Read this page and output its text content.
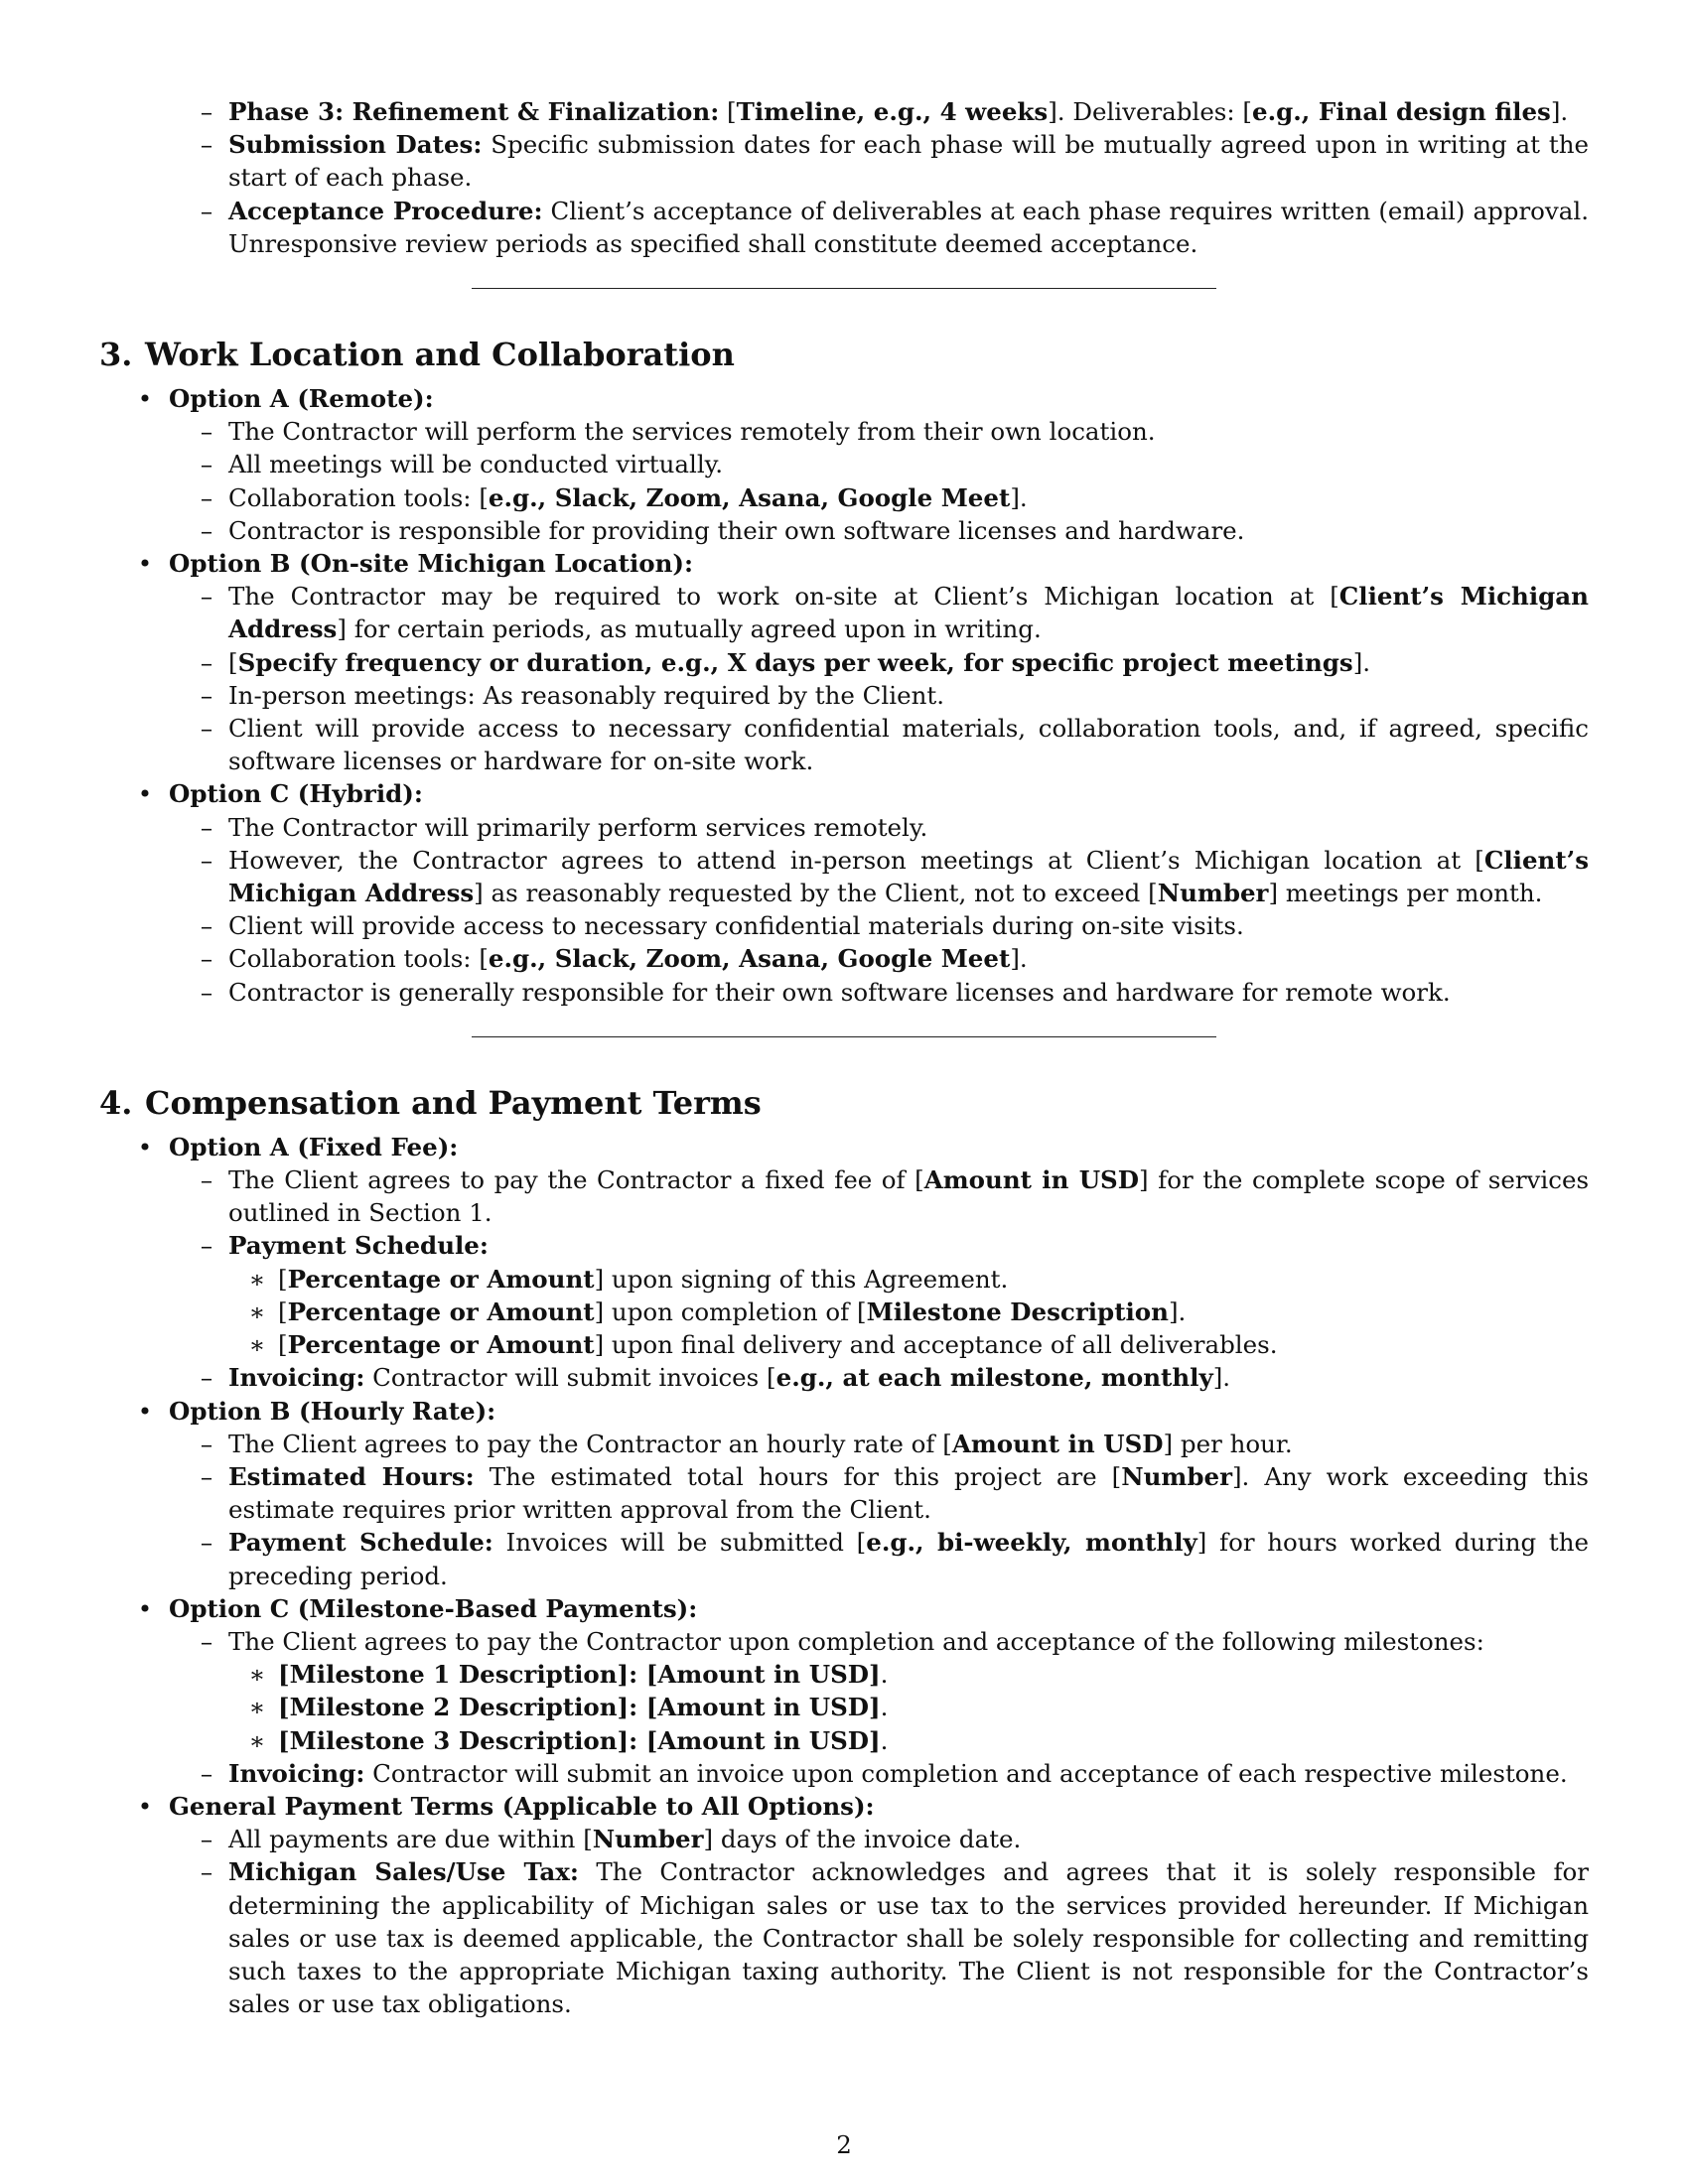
– Phase 3: Refinement & Finalization: [Timeline, e.g., 4 weeks]. Deliverables: [e.g., Final design files].
– Submission Dates: Specific submission dates for each phase will be mutually agreed upon in writing at the start of each phase.
– Acceptance Procedure: Client’s acceptance of deliverables at each phase requires written (email) approval. Unresponsive review periods as specified shall constitute deemed acceptance.
3. Work Location and Collaboration
• Option A (Remote):
– The Contractor will perform the services remotely from their own location.
– All meetings will be conducted virtually.
– Collaboration tools: [e.g., Slack, Zoom, Asana, Google Meet].
– Contractor is responsible for providing their own software licenses and hardware.
• Option B (On-site Michigan Location):
– The Contractor may be required to work on-site at Client’s Michigan location at [Client’s Michigan Address] for certain periods, as mutually agreed upon in writing.
– [Specify frequency or duration, e.g., X days per week, for specific project meetings].
– In-person meetings: As reasonably required by the Client.
– Client will provide access to necessary confidential materials, collaboration tools, and, if agreed, specific software licenses or hardware for on-site work.
• Option C (Hybrid):
– The Contractor will primarily perform services remotely.
– However, the Contractor agrees to attend in-person meetings at Client’s Michigan location at [Client’s Michigan Address] as reasonably requested by the Client, not to exceed [Number] meetings per month.
– Client will provide access to necessary confidential materials during on-site visits.
– Collaboration tools: [e.g., Slack, Zoom, Asana, Google Meet].
– Contractor is generally responsible for their own software licenses and hardware for remote work.
4. Compensation and Payment Terms
• Option A (Fixed Fee):
– The Client agrees to pay the Contractor a fixed fee of [Amount in USD] for the complete scope of services outlined in Section 1.
– Payment Schedule:
∗ [Percentage or Amount] upon signing of this Agreement.
∗ [Percentage or Amount] upon completion of [Milestone Description].
∗ [Percentage or Amount] upon final delivery and acceptance of all deliverables.
– Invoicing: Contractor will submit invoices [e.g., at each milestone, monthly].
• Option B (Hourly Rate):
– The Client agrees to pay the Contractor an hourly rate of [Amount in USD] per hour.
– Estimated Hours: The estimated total hours for this project are [Number]. Any work exceeding this estimate requires prior written approval from the Client.
– Payment Schedule: Invoices will be submitted [e.g., bi-weekly, monthly] for hours worked during the preceding period.
• Option C (Milestone-Based Payments):
– The Client agrees to pay the Contractor upon completion and acceptance of the following milestones:
∗ [Milestone 1 Description]: [Amount in USD].
∗ [Milestone 2 Description]: [Amount in USD].
∗ [Milestone 3 Description]: [Amount in USD].
– Invoicing: Contractor will submit an invoice upon completion and acceptance of each respective milestone.
• General Payment Terms (Applicable to All Options):
– All payments are due within [Number] days of the invoice date.
– Michigan Sales/Use Tax: The Contractor acknowledges and agrees that it is solely responsible for determining the applicability of Michigan sales or use tax to the services provided hereunder. If Michigan sales or use tax is deemed applicable, the Contractor shall be solely responsible for collecting and remitting such taxes to the appropriate Michigan taxing authority. The Client is not responsible for the Contractor’s sales or use tax obligations.
2
